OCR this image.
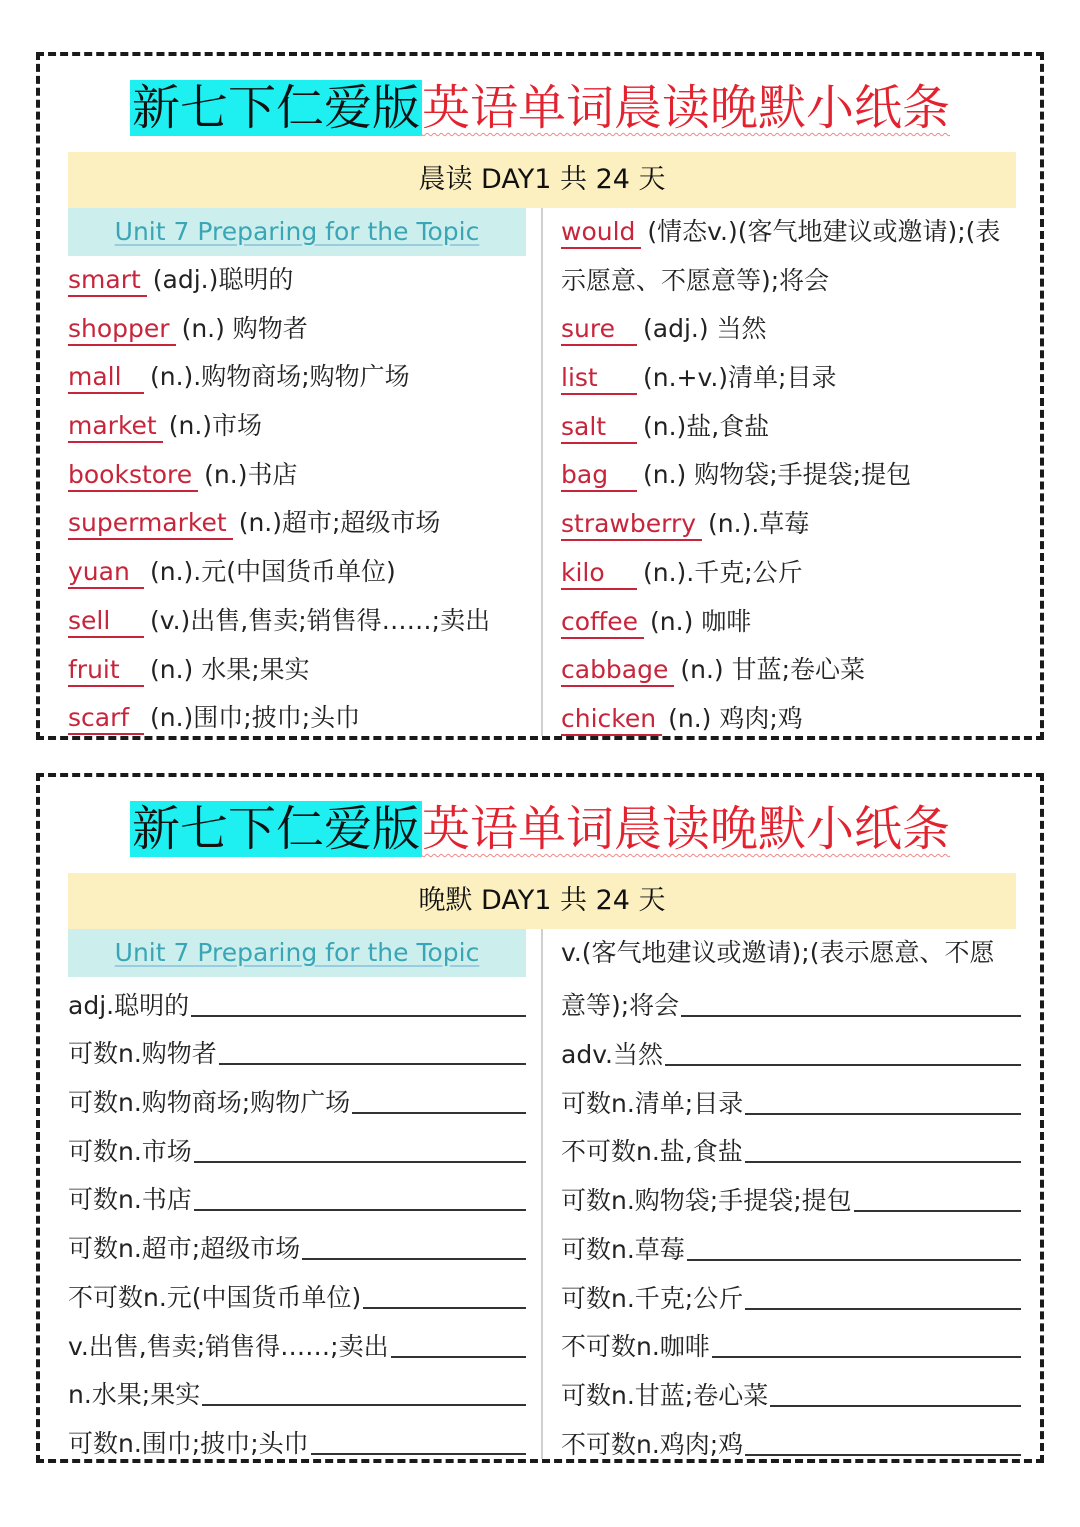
新七下仁爱版英语单词晨读晚默小纸条
晨读 DAY1 共 24 天
Unit 7 Preparing for the Topic
smart (adj.)聪明的
shopper (n.) 购物者
mall (n.).购物商场;购物广场
market (n.)市场
bookstore (n.)书店
supermarket (n.)超市;超级市场
yuan (n.).元(中国货币单位)
sell (v.)出售,售卖;销售得……;卖出
fruit (n.) 水果;果实
scarf (n.)围巾;披巾;头巾
would (情态v.)(客气地建议或邀请);(表
示愿意、不愿意等);将会
sure (adj.) 当然
list (n.+v.)清单;目录
salt (n.)盐,食盐
bag (n.) 购物袋;手提袋;提包
strawberry (n.).草莓
kilo (n.).千克;公斤
coffee (n.) 咖啡
cabbage (n.) 甘蓝;卷心菜
chicken (n.) 鸡肉;鸡
新七下仁爱版英语单词晨读晚默小纸条
晚默 DAY1 共 24 天
Unit 7 Preparing for the Topic
adj.聪明的
可数n.购物者
可数n.购物商场;购物广场
可数n.市场
可数n.书店
可数n.超市;超级市场
不可数n.元(中国货币单位)
v.出售,售卖;销售得……;卖出
n.水果;果实
可数n.围巾;披巾;头巾
v.(客气地建议或邀请);(表示愿意、不愿
意等);将会
adv.当然
可数n.清单;目录
不可数n.盐,食盐
可数n.购物袋;手提袋;提包
可数n.草莓
可数n.千克;公斤
不可数n.咖啡
可数n.甘蓝;卷心菜
不可数n.鸡肉;鸡
